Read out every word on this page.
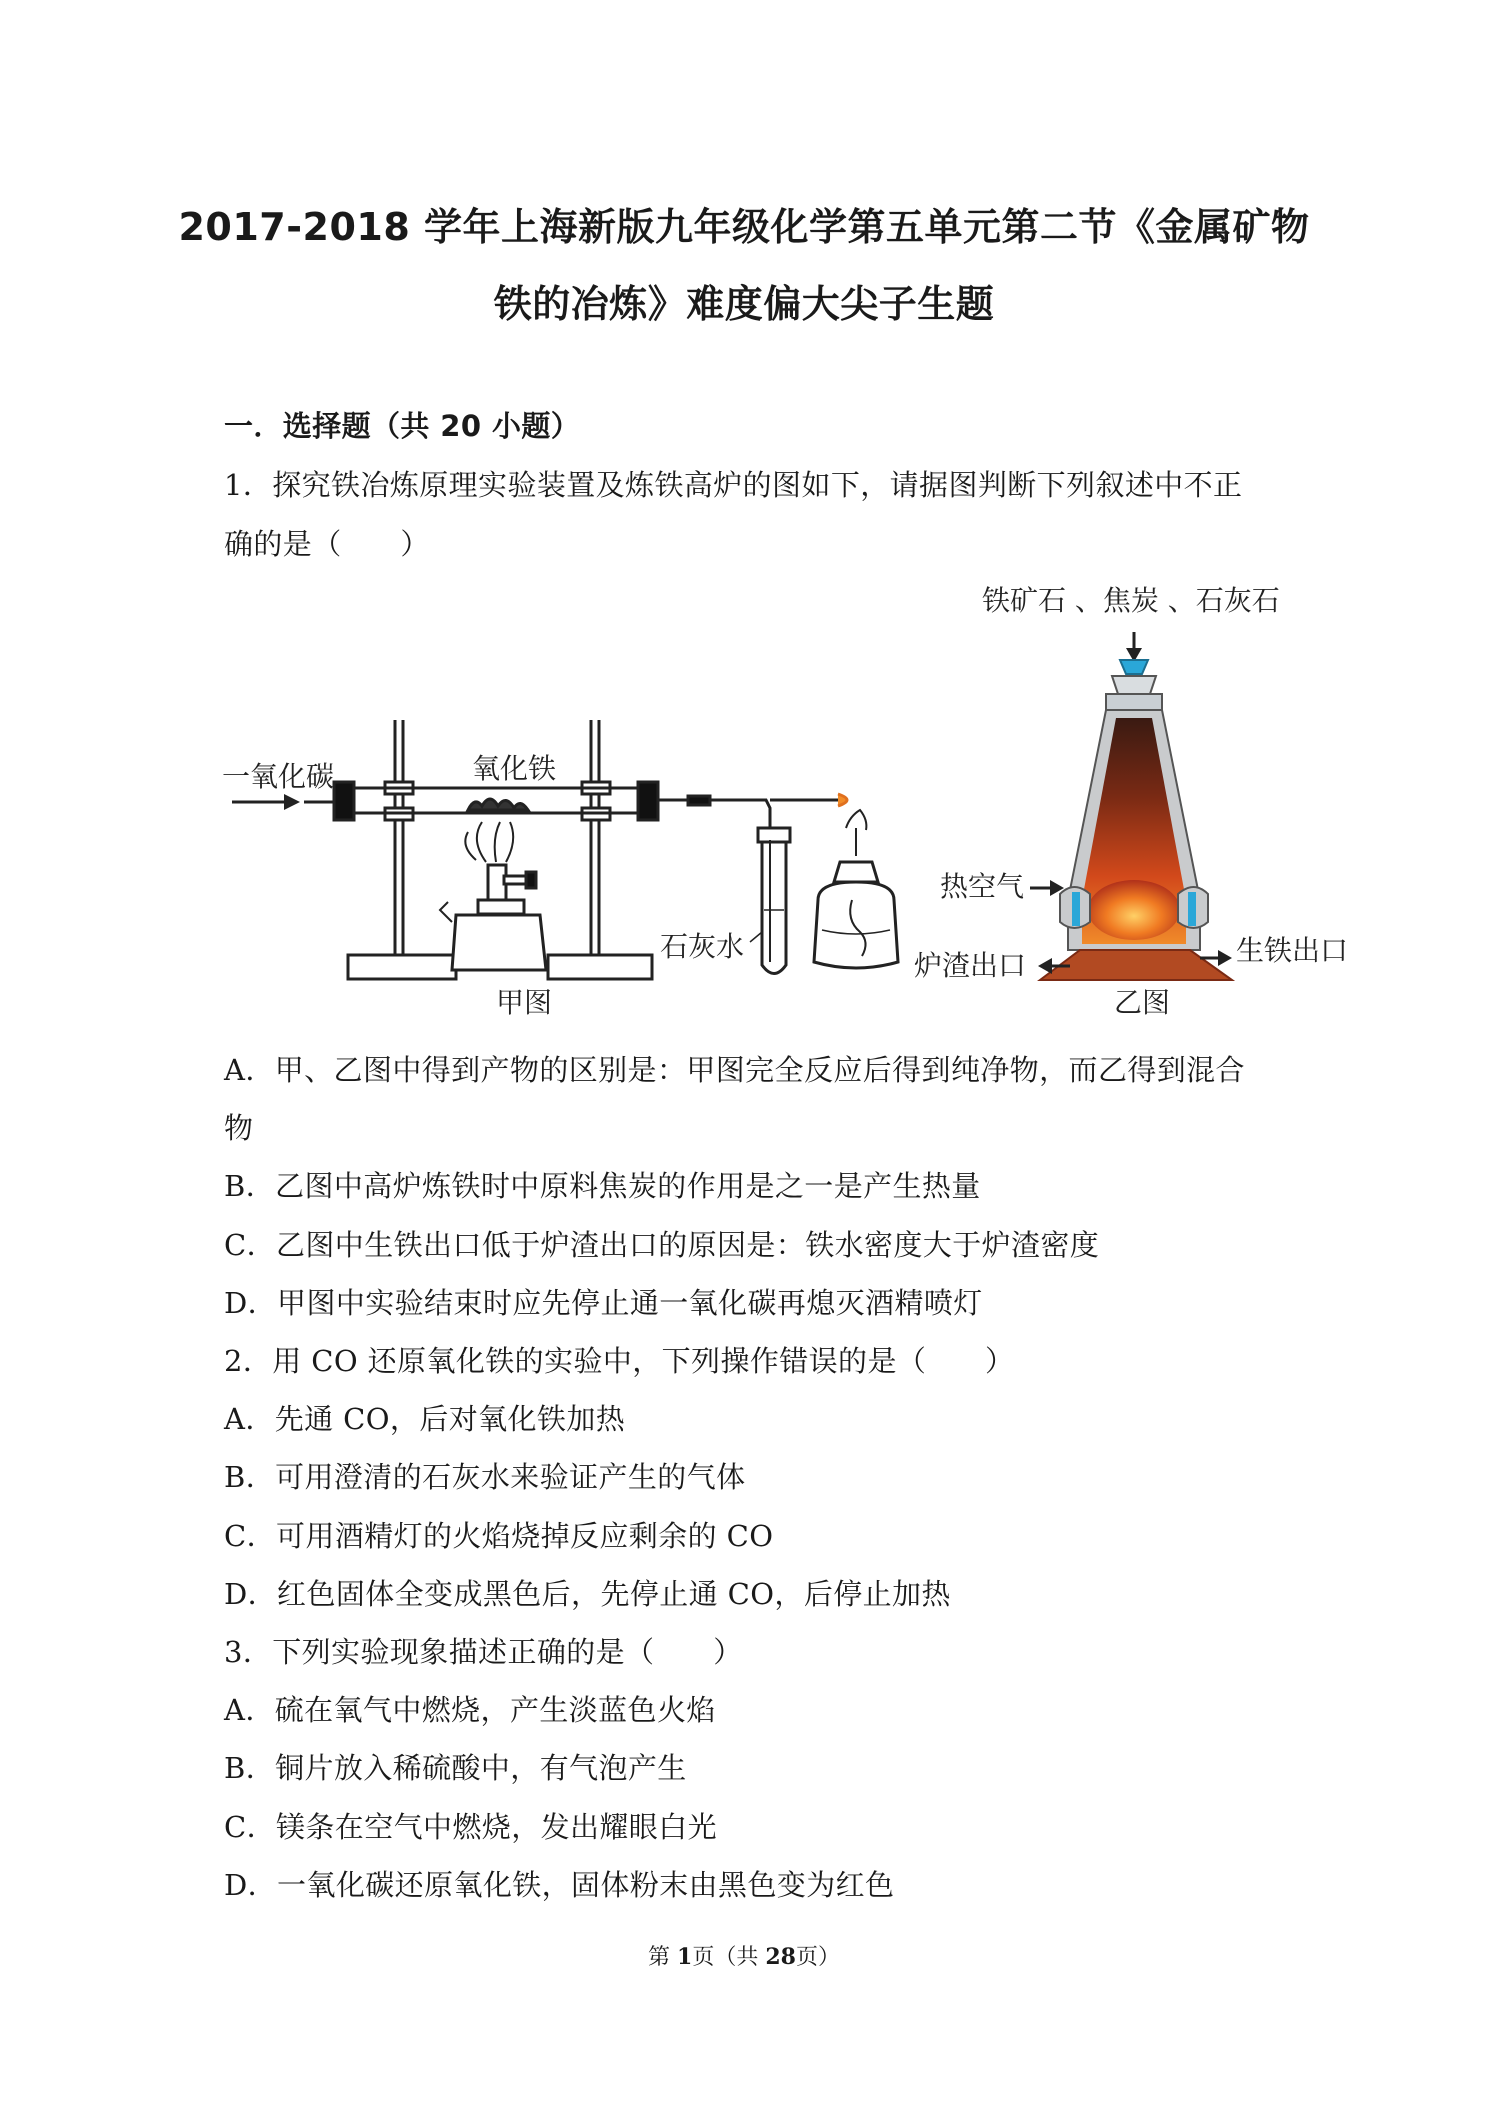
2017-2018 学年上海新版九年级化学第五单元第二节《金属矿物
铁的冶炼》难度偏大尖子生题
一．选择题（共 20 小题）
1．探究铁冶炼原理实验装置及炼铁高炉的图如下，请据图判断下列叙述中不正
确的是（　　）
一氧化碳	氧化铁
石灰水
甲图
铁矿石 、焦炭 、石灰石
热空气
炉渣出口	生铁出口
乙图
A．甲、乙图中得到产物的区别是：甲图完全反应后得到纯净物，而乙得到混合
物
B．乙图中高炉炼铁时中原料焦炭的作用是之一是产生热量
C．乙图中生铁出口低于炉渣出口的原因是：铁水密度大于炉渣密度
D．甲图中实验结束时应先停止通一氧化碳再熄灭酒精喷灯
2．用 CO 还原氧化铁的实验中，下列操作错误的是（　　）
A．先通 CO，后对氧化铁加热
B．可用澄清的石灰水来验证产生的气体
C．可用酒精灯的火焰烧掉反应剩余的 CO
D．红色固体全变成黑色后，先停止通 CO，后停止加热
3．下列实验现象描述正确的是（　　）
A．硫在氧气中燃烧，产生淡蓝色火焰
B．铜片放入稀硫酸中，有气泡产生
C．镁条在空气中燃烧，发出耀眼白光
D．一氧化碳还原氧化铁，固体粉末由黑色变为红色
第 1页（共 28页）
